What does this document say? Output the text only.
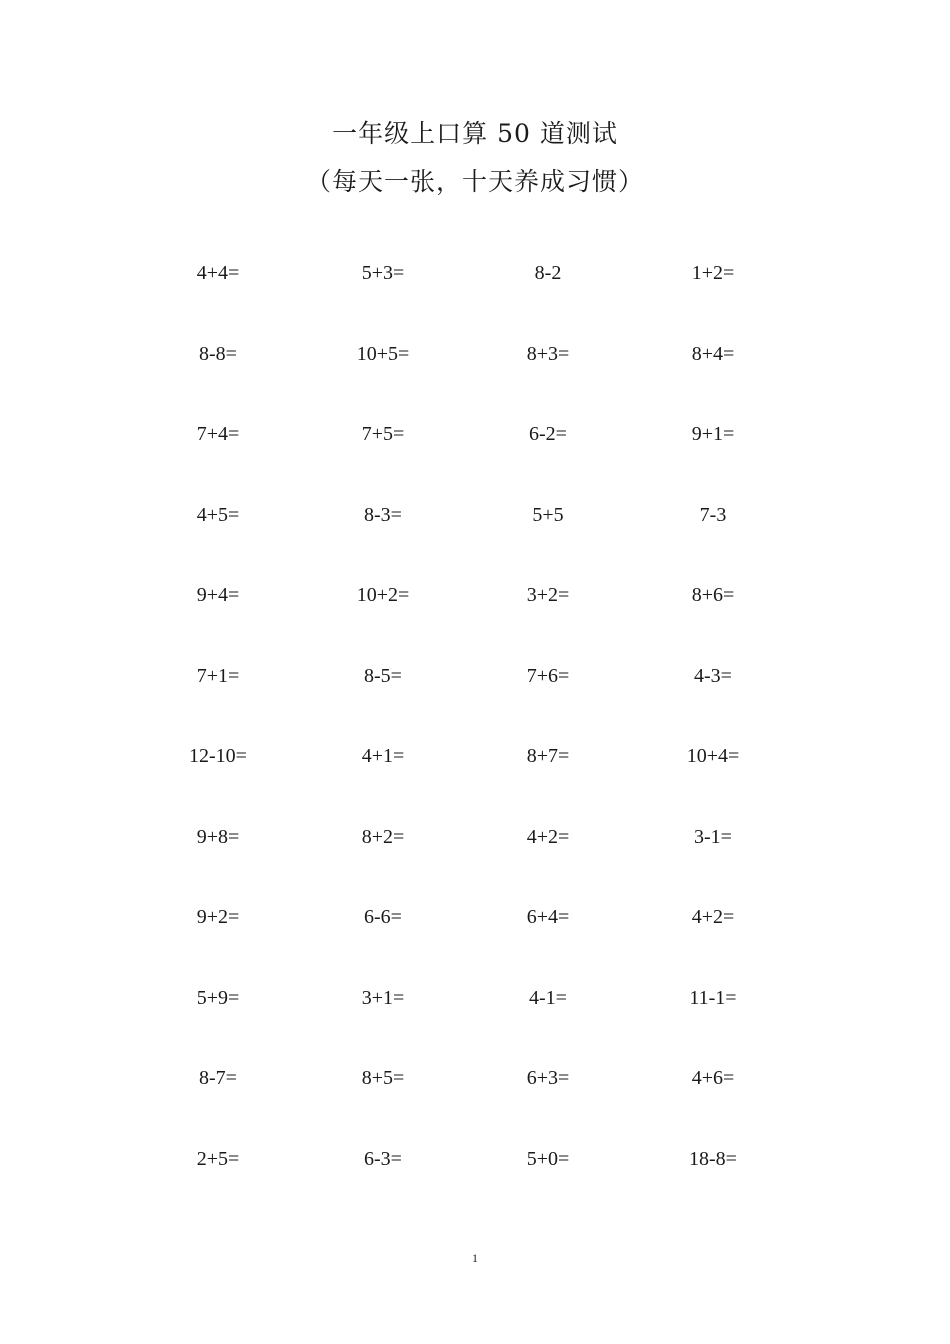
一年级上口算 50 道测试
（每天一张，十天养成习惯）
4+4=	5+3=	8-2	1+2=
8-8=	10+5=	8+3=	8+4=
7+4=	7+5=	6-2=	9+1=
4+5=	8-3=	5+5	7-3
9+4=	10+2=	3+2=	8+6=
7+1=	8-5=	7+6=	4-3=
12-10=	4+1=	8+7=	10+4=
9+8=	8+2=	4+2=	3-1=
9+2=	6-6=	6+4=	4+2=
5+9=	3+1=	4-1=	11-1=
8-7=	8+5=	6+3=	4+6=
2+5=	6-3=	5+0=	18-8=
1
